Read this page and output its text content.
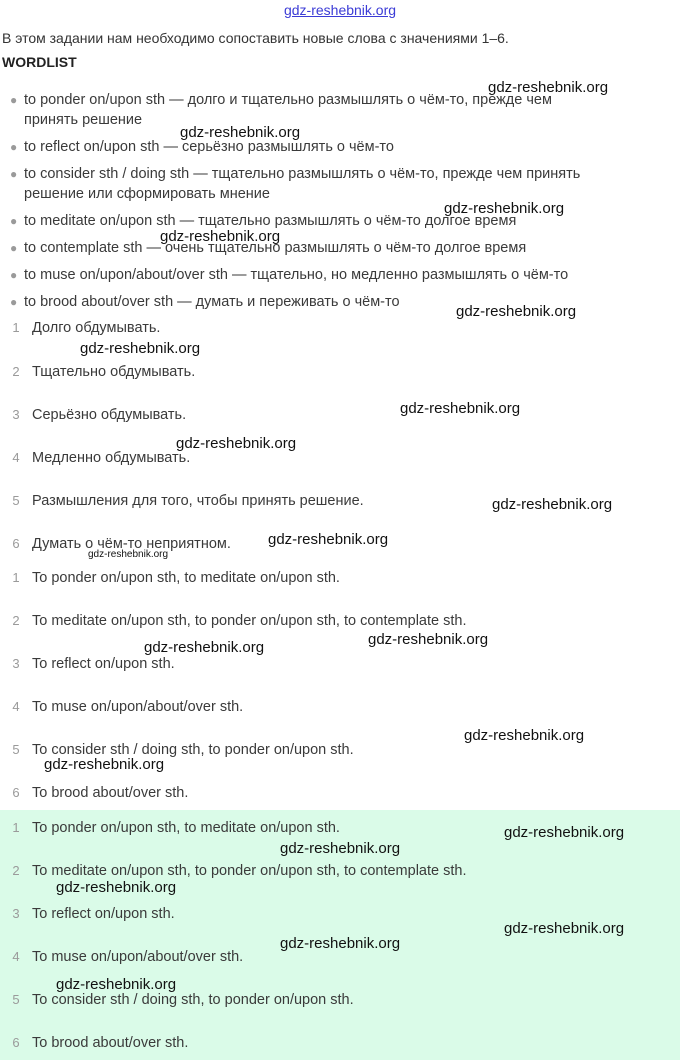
gdz-reshebnik.org
В этом задании нам необходимо сопоставить новые слова с значениями 1–6.
WORDLIST
● to ponder on/upon sth — долго и тщательно размышлять о чём-то, прежде чем
принять решение
● to reflect on/upon sth — серьёзно размышлять о чём-то
● to consider sth / doing sth — тщательно размышлять о чём-то, прежде чем принять
решение или сформировать мнение
● to meditate on/upon sth — тщательно размышлять о чём-то долгое время
● to contemplate sth — очень тщательно размышлять о чём-то долгое время
● to muse on/upon/about/over sth — тщательно, но медленно размышлять о чём-то
● to brood about/over sth — думать и переживать о чём-то
1 Долго обдумывать.
2 Тщательно обдумывать.
3 Серьёзно обдумывать.
4 Медленно обдумывать.
5 Размышления для того, чтобы принять решение.
6 Думать о чём-то неприятном.
1 To ponder on/upon sth, to meditate on/upon sth.
2 To meditate on/upon sth, to ponder on/upon sth, to contemplate sth.
3 To reflect on/upon sth.
4 To muse on/upon/about/over sth.
5 To consider sth / doing sth, to ponder on/upon sth.
6 To brood about/over sth.
1 To ponder on/upon sth, to meditate on/upon sth.
2 To meditate on/upon sth, to ponder on/upon sth, to contemplate sth.
3 To reflect on/upon sth.
4 To muse on/upon/about/over sth.
5 To consider sth / doing sth, to ponder on/upon sth.
6 To brood about/over sth.
gdz-reshebnik.org
gdz-reshebnik.org
gdz-reshebnik.org
gdz-reshebnik.org
gdz-reshebnik.org
gdz-reshebnik.org
gdz-reshebnik.org
gdz-reshebnik.org
gdz-reshebnik.org
gdz-reshebnik.org
gdz-reshebnik.org
gdz-reshebnik.org
gdz-reshebnik.org
gdz-reshebnik.org
gdz-reshebnik.org
gdz-reshebnik.org
gdz-reshebnik.org
gdz-reshebnik.org
gdz-reshebnik.org
gdz-reshebnik.org
gdz-reshebnik.org
